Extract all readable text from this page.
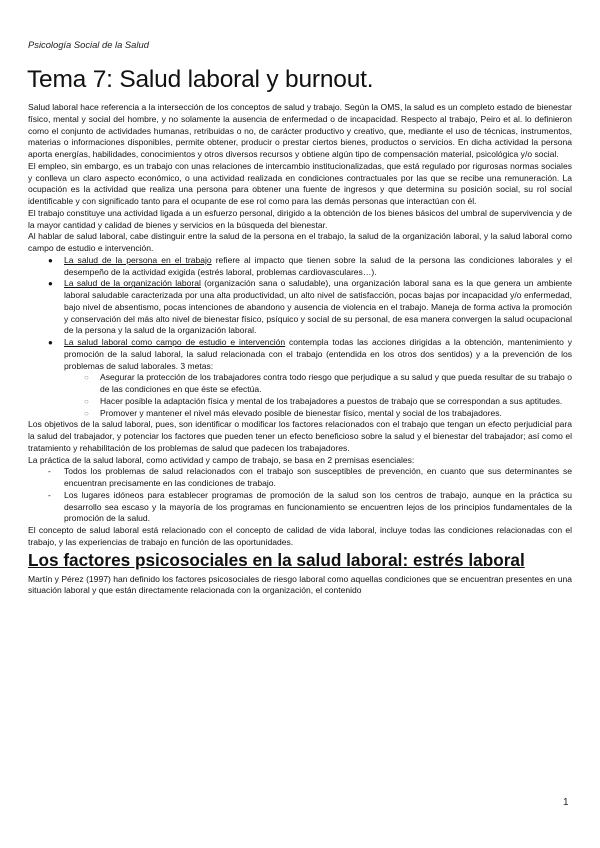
Psicología Social de la Salud
Tema 7: Salud laboral y burnout.

Salud laboral hace referencia a la intersección de los conceptos de salud y trabajo. Según la OMS, la salud es un completo estado de bienestar físico, mental y social del hombre, y no solamente la ausencia de enfermedad o de incapacidad. Respecto al trabajo, Peiro et al. lo definieron como el conjunto de actividades humanas, retribuidas o no, de carácter productivo y creativo, que, mediante el uso de técnicas, instrumentos, materias o informaciones disponibles, permite obtener, producir o prestar ciertos bienes, productos o servicios. En dicha actividad la persona aporta energías, habilidades, conocimientos y otros diversos recursos y obtiene algún tipo de compensación material, psicológica y/o social.

El empleo, sin embargo, es un trabajo con unas relaciones de intercambio institucionalizadas, que está regulado por rigurosas normas sociales y conlleva un claro aspecto económico, o una actividad realizada en condiciones contractuales por las que se recibe una remuneración. La ocupación es la actividad que realiza una persona para obtener una fuente de ingresos y que determina su posición social, su rol social identificable y con significado tanto para el ocupante de ese rol como para las demás personas que interactúan con él.

El trabajo constituye una actividad ligada a un esfuerzo personal, dirigido a la obtención de los bienes básicos del umbral de supervivencia y de la mayor cantidad y calidad de bienes y servicios en la búsqueda del bienestar.

Al hablar de salud laboral, cabe distinguir entre la salud de la persona en el trabajo, la salud de la organización laboral, y la salud laboral como campo de estudio e intervención.

● La salud de la persona en el trabajo refiere al impacto que tienen sobre la salud de la persona las condiciones laborales y el desempeño de la actividad exigida (estrés laboral, problemas cardiovasculares…).
● La salud de la organización laboral (organización sana o saludable), una organización laboral sana es la que genera un ambiente laboral saludable caracterizada por una alta productividad, un alto nivel de satisfacción, pocas bajas por incapacidad y/o enfermedad, bajo nivel de absentismo, pocas intenciones de abandono y ausencia de violencia en el trabajo. Maneja de forma activa la promoción y conservación del más alto nivel de bienestar físico, psíquico y social de su personal, de esa manera convergen la salud ocupacional de la persona y la salud de la organización laboral.
● La salud laboral como campo de estudio e intervención contempla todas las acciones dirigidas a la obtención, mantenimiento y promoción de la salud laboral, la salud relacionada con el trabajo (entendida en los otros dos sentidos) y a la prevención de los problemas de salud laborales. 3 metas:
○ Asegurar la protección de los trabajadores contra todo riesgo que perjudique a su salud y que pueda resultar de su trabajo o de las condiciones en que éste se efectúa.
○ Hacer posible la adaptación física y mental de los trabajadores a puestos de trabajo que se correspondan a sus aptitudes.
○ Promover y mantener el nivel más elevado posible de bienestar físico, mental y social de los trabajadores.

Los objetivos de la salud laboral, pues, son identificar o modificar los factores relacionados con el trabajo que tengan un efecto perjudicial para la salud del trabajador, y potenciar los factores que pueden tener un efecto beneficioso sobre la salud y el bienestar del trabajador; así como el tratamiento y rehabilitación de los problemas de salud que padecen los trabajadores.

La práctica de la salud laboral, como actividad y campo de trabajo, se basa en 2 premisas esenciales:

- Todos los problemas de salud relacionados con el trabajo son susceptibles de prevención, en cuanto que sus determinantes se encuentran precisamente en las condiciones de trabajo.
- Los lugares idóneos para establecer programas de promoción de la salud son los centros de trabajo, aunque en la práctica su desarrollo sea escaso y la mayoría de los programas en funcionamiento se encuentren lejos de los principios fundamentales de la promoción de la salud.

El concepto de salud laboral está relacionado con el concepto de calidad de vida laboral, incluye todas las condiciones relacionadas con el trabajo, y las experiencias de trabajo en función de las oportunidades.

Los factores psicosociales en la salud laboral: estrés laboral

Martín y Pérez (1997) han definido los factores psicosociales de riesgo laboral como aquellas condiciones que se encuentran presentes en una situación laboral y que están directamente relacionada con la organización, el contenido

1
